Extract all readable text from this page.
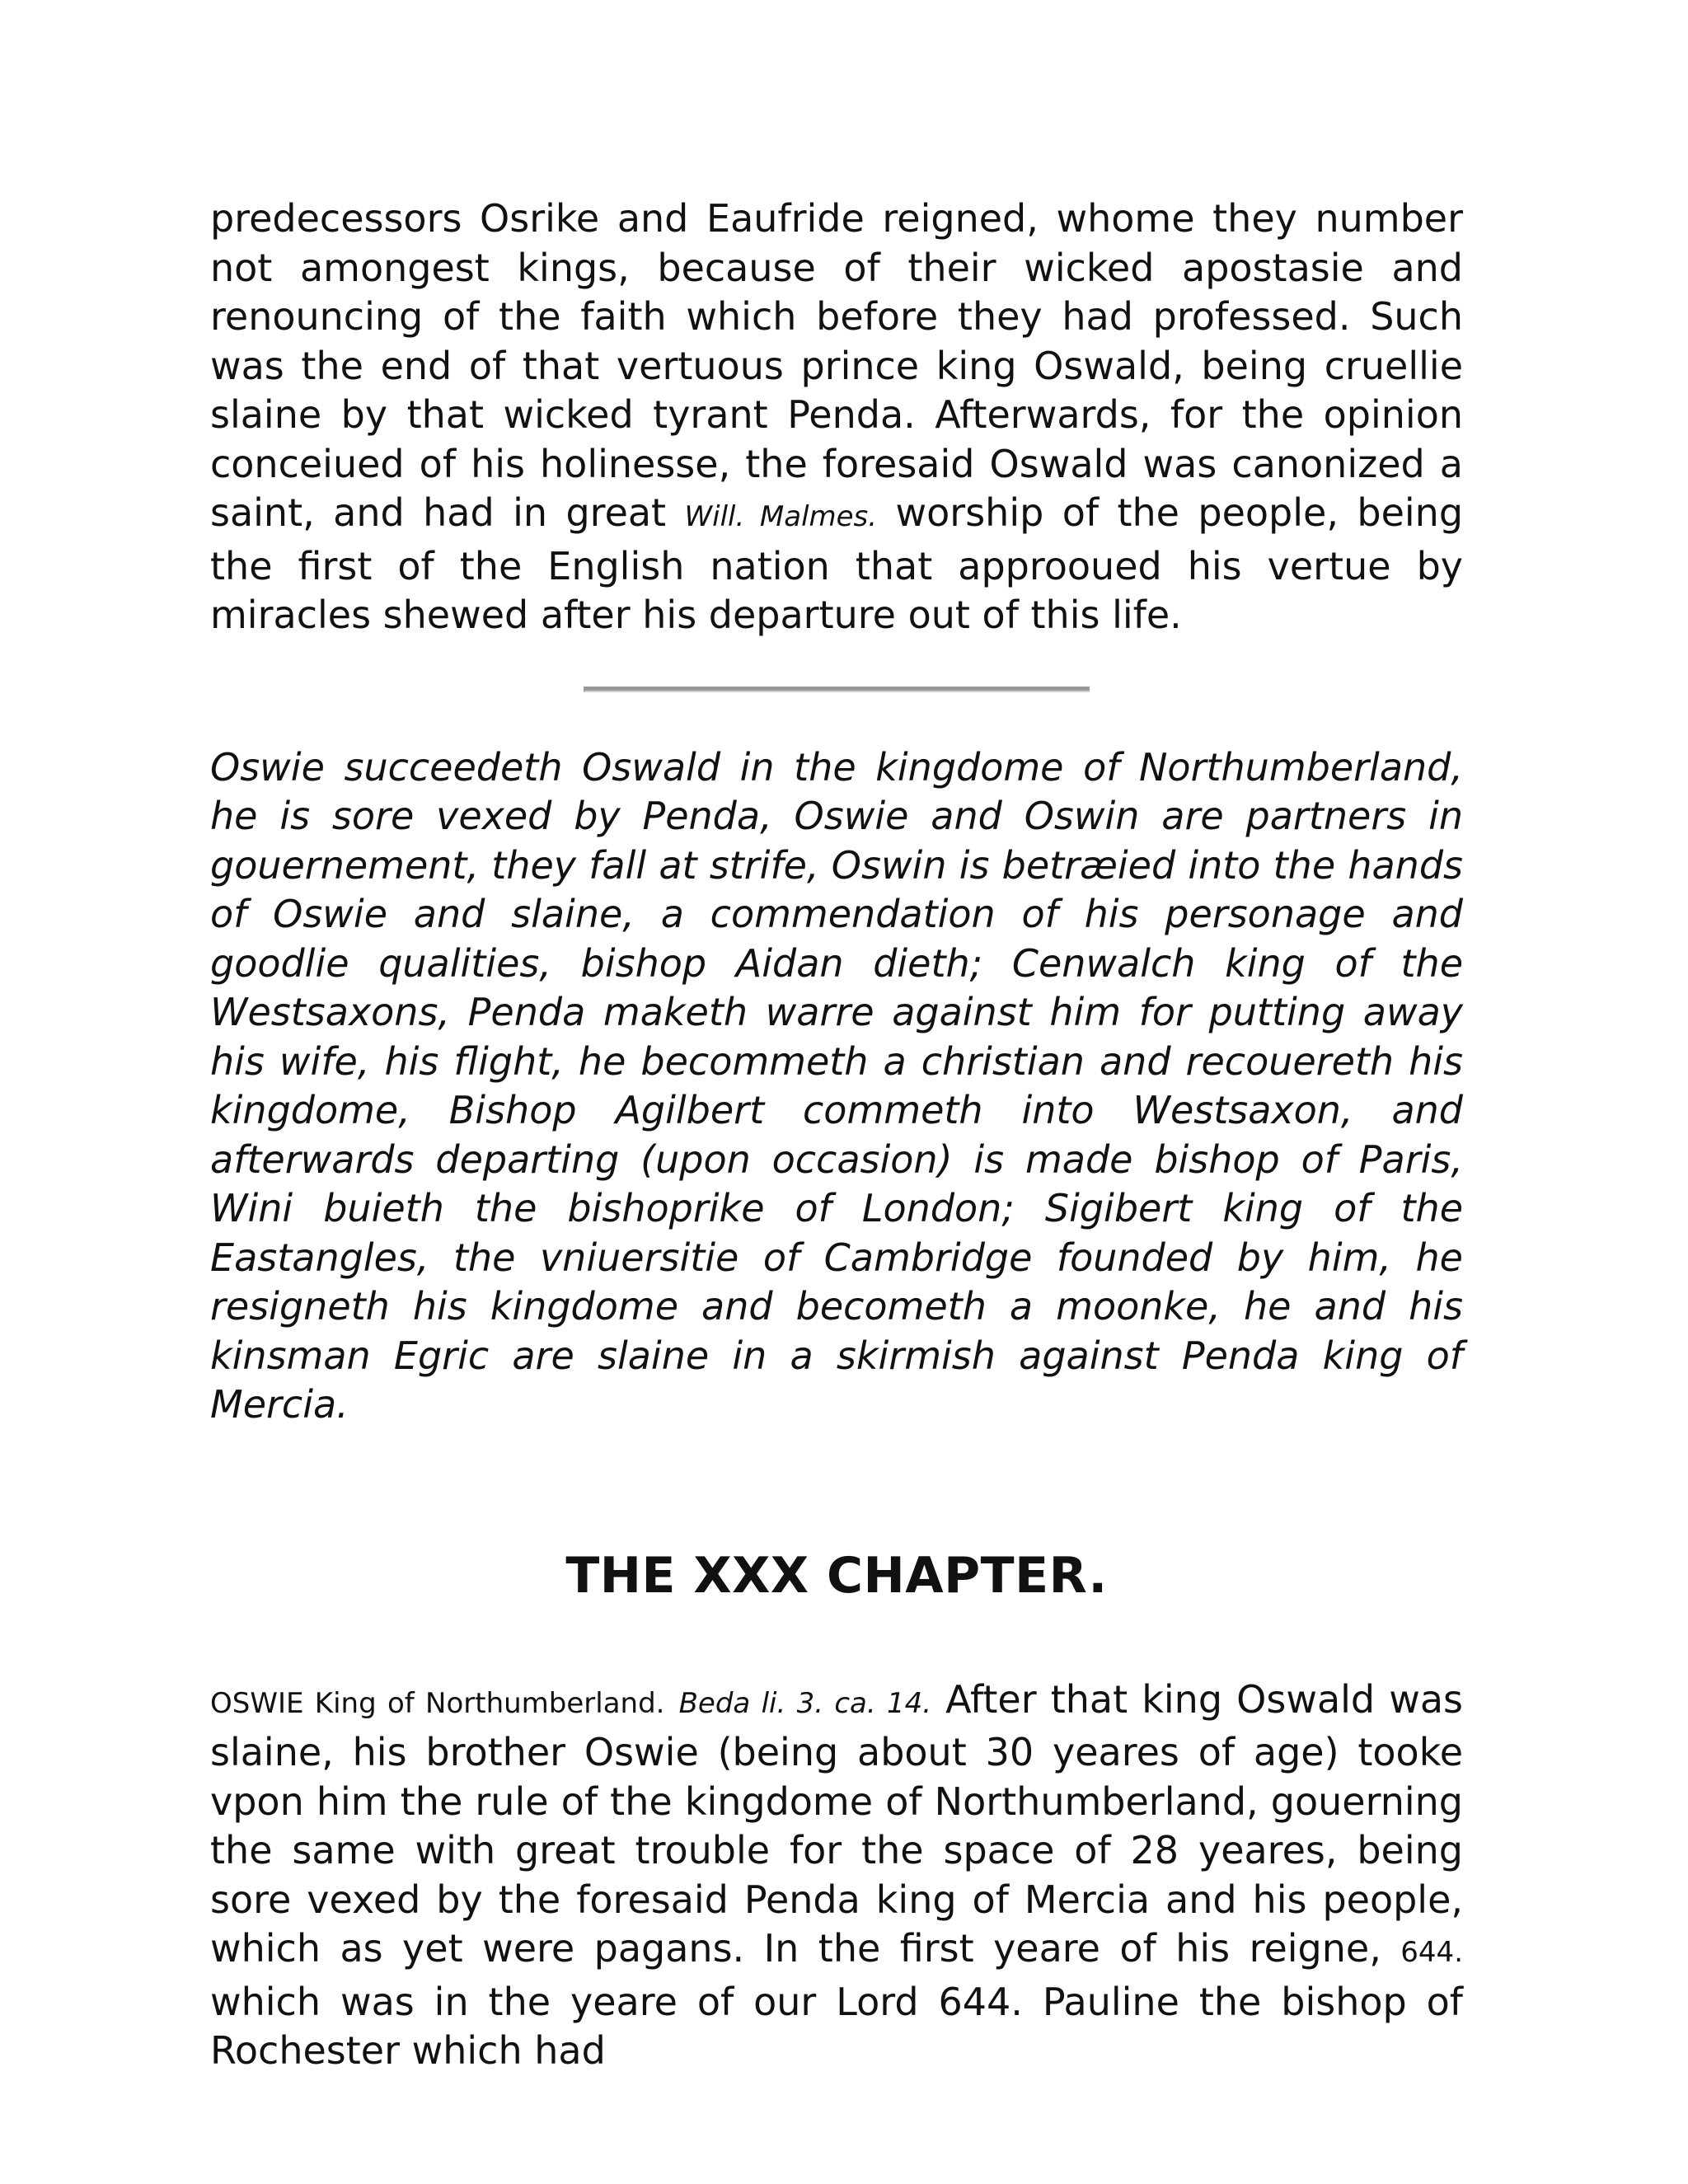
predecessors Osrike and Eaufride reigned, whome they number not amongest kings, because of their wicked apostasie and renouncing of the faith which before they had professed. Such was the end of that vertuous prince king Oswald, being cruellie slaine by that wicked tyrant Penda. Afterwards, for the opinion conceiued of his holinesse, the foresaid Oswald was canonized a saint, and had in great Will. Malmes. worship of the people, being the first of the English nation that approoued his vertue by miracles shewed after his departure out of this life.

Oswie succeedeth Oswald in the kingdome of Northumberland, he is sore vexed by Penda, Oswie and Oswin are partners in gouernement, they fall at strife, Oswin is betræied into the hands of Oswie and slaine, a commendation of his personage and goodlie qualities, bishop Aidan dieth; Cenwalch king of the Westsaxons, Penda maketh warre against him for putting away his wife, his flight, he becommeth a christian and recouereth his kingdome, Bishop Agilbert commeth into Westsaxon, and afterwards departing (upon occasion) is made bishop of Paris, Wini buieth the bishoprike of London; Sigibert king of the Eastangles, the vniuersitie of Cambridge founded by him, he resigneth his kingdome and becometh a moonke, he and his kinsman Egric are slaine in a skirmish against Penda king of Mercia.

THE XXX CHAPTER.

OSWIE King of Northumberland. Beda li. 3. ca. 14. After that king Oswald was slaine, his brother Oswie (being about 30 yeares of age) tooke vpon him the rule of the kingdome of Northumberland, gouerning the same with great trouble for the space of 28 yeares, being sore vexed by the foresaid Penda king of Mercia and his people, which as yet were pagans. In the first yeare of his reigne, 644. which was in the yeare of our Lord 644. Pauline the bishop of Rochester which had
